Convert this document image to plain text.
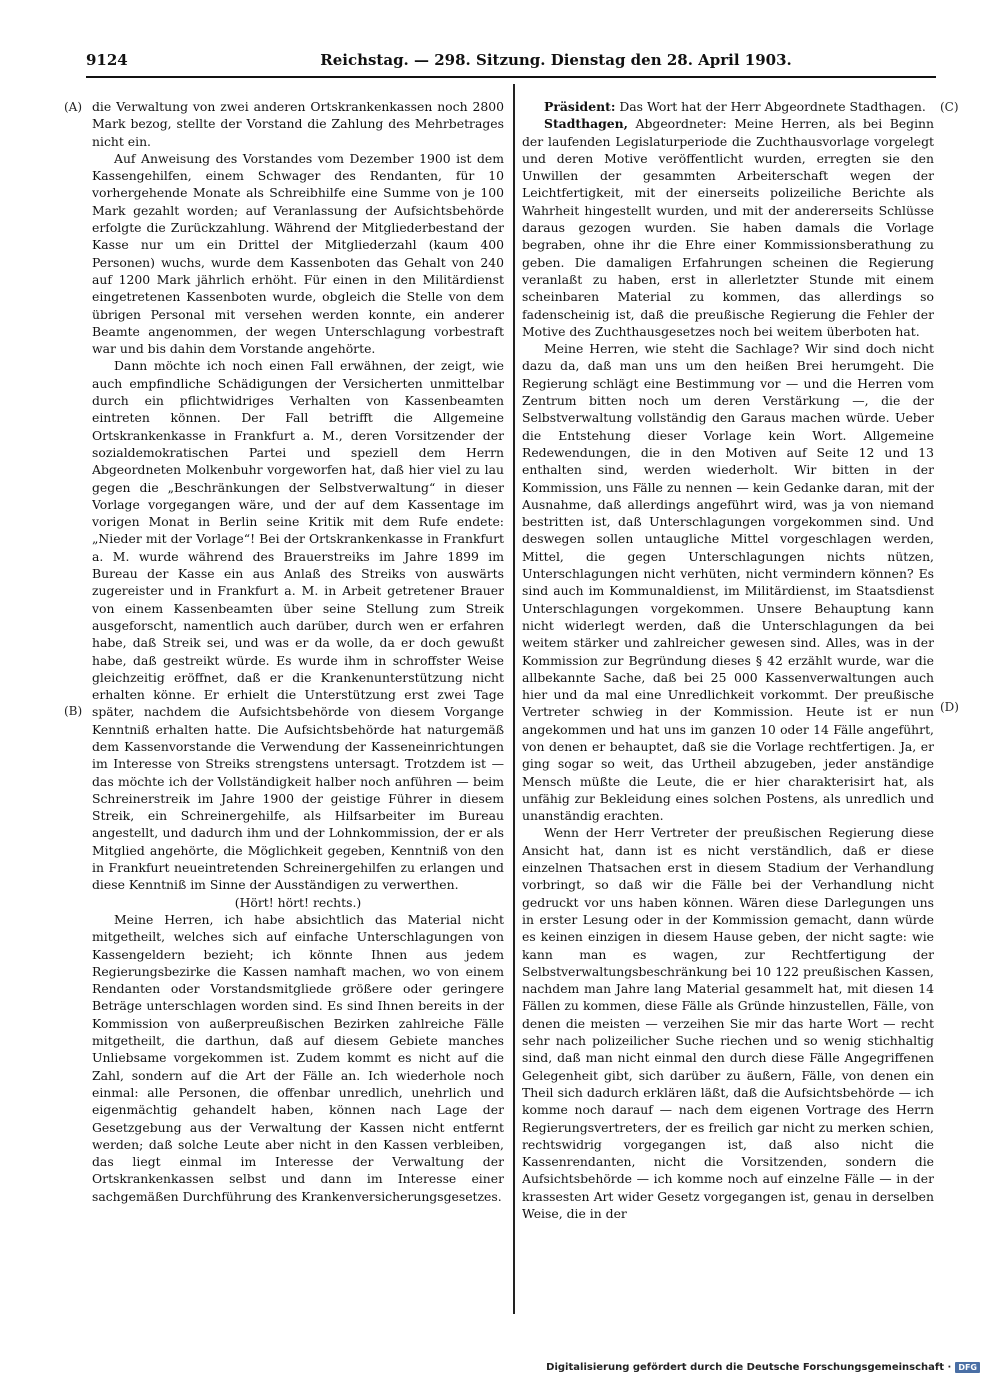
9124	Reichstag. — 298. Sitzung. Dienstag den 28. April 1903.
(A)
(B)
(C)
(D)

die Verwaltung von zwei anderen Ortskrankenkassen noch 2800 Mark bezog, stellte der Vorstand die Zahlung des Mehrbetrages nicht ein.

Auf Anweisung des Vorstandes vom Dezember 1900 ist dem Kassengehilfen, einem Schwager des Rendanten, für 10 vorhergehende Monate als Schreibhilfe eine Summe von je 100 Mark gezahlt worden; auf Veranlassung der Aufsichtsbehörde erfolgte die Zurückzahlung. Während der Mitgliederbestand der Kasse nur um ein Drittel der Mitgliederzahl (kaum 400 Personen) wuchs, wurde dem Kassenboten das Gehalt von 240 auf 1200 Mark jährlich erhöht. Für einen in den Militärdienst eingetretenen Kassenboten wurde, obgleich die Stelle von dem übrigen Personal mit versehen werden konnte, ein anderer Beamte angenommen, der wegen Unterschlagung vorbestraft war und bis dahin dem Vorstande angehörte.

Dann möchte ich noch einen Fall erwähnen, der zeigt, wie auch empfindliche Schädigungen der Versicherten unmittelbar durch ein pflichtwidriges Verhalten von Kassenbeamten eintreten können. Der Fall betrifft die Allgemeine Ortskrankenkasse in Frankfurt a. M., deren Vorsitzender der sozialdemokratischen Partei und speziell dem Herrn Abgeordneten Molkenbuhr vorgeworfen hat, daß hier viel zu lau gegen die „Beschränkungen der Selbstverwaltung“ in dieser Vorlage vorgegangen wäre, und der auf dem Kassentage im vorigen Monat in Berlin seine Kritik mit dem Rufe endete: „Nieder mit der Vorlage“! Bei der Ortskrankenkasse in Frankfurt a. M. wurde während des Brauerstreiks im Jahre 1899 im Bureau der Kasse ein aus Anlaß des Streiks von auswärts zugereister und in Frankfurt a. M. in Arbeit getretener Brauer von einem Kassenbeamten über seine Stellung zum Streik ausgeforscht, namentlich auch darüber, durch wen er erfahren habe, daß Streik sei, und was er da wolle, da er doch gewußt habe, daß gestreikt würde. Es wurde ihm in schroffster Weise gleichzeitig eröffnet, daß er die Krankenunterstützung nicht erhalten könne. Er erhielt die Unterstützung erst zwei Tage später, nachdem die Aufsichtsbehörde von diesem Vorgange Kenntniß erhalten hatte. Die Aufsichtsbehörde hat naturgemäß dem Kassenvorstande die Verwendung der Kasseneinrichtungen im Interesse von Streiks strengstens untersagt. Trotzdem ist — das möchte ich der Vollständigkeit halber noch anführen — beim Schreinerstreik im Jahre 1900 der geistige Führer in diesem Streik, ein Schreinergehilfe, als Hilfsarbeiter im Bureau angestellt, und dadurch ihm und der Lohnkommission, der er als Mitglied angehörte, die Möglichkeit gegeben, Kenntniß von den in Frankfurt neueintretenden Schreinergehilfen zu erlangen und diese Kenntniß im Sinne der Ausständigen zu verwerthen.

(Hört! hört! rechts.)

Meine Herren, ich habe absichtlich das Material nicht mitgetheilt, welches sich auf einfache Unterschlagungen von Kassengeldern bezieht; ich könnte Ihnen aus jedem Regierungsbezirke die Kassen namhaft machen, wo von einem Rendanten oder Vorstandsmitgliede größere oder geringere Beträge unterschlagen worden sind. Es sind Ihnen bereits in der Kommission von außerpreußischen Bezirken zahlreiche Fälle mitgetheilt, die darthun, daß auf diesem Gebiete manches Unliebsame vorgekommen ist. Zudem kommt es nicht auf die Zahl, sondern auf die Art der Fälle an. Ich wiederhole noch einmal: alle Personen, die offenbar unredlich, unehrlich und eigenmächtig gehandelt haben, können nach Lage der Gesetzgebung aus der Verwaltung der Kassen nicht entfernt werden; daß solche Leute aber nicht in den Kassen verbleiben, das liegt einmal im Interesse der Verwaltung der Ortskrankenkassen selbst und dann im Interesse einer sachgemäßen Durchführung des Krankenversicherungsgesetzes.

Präsident: Das Wort hat der Herr Abgeordnete Stadthagen.

Stadthagen, Abgeordneter: Meine Herren, als bei Beginn der laufenden Legislaturperiode die Zuchthausvorlage vorgelegt und deren Motive veröffentlicht wurden, erregten sie den Unwillen der gesammten Arbeiterschaft wegen der Leichtfertigkeit, mit der einerseits polizeiliche Berichte als Wahrheit hingestellt wurden, und mit der andererseits Schlüsse daraus gezogen wurden. Sie haben damals die Vorlage begraben, ohne ihr die Ehre einer Kommissionsberathung zu geben. Die damaligen Erfahrungen scheinen die Regierung veranlaßt zu haben, erst in allerletzter Stunde mit einem scheinbaren Material zu kommen, das allerdings so fadenscheinig ist, daß die preußische Regierung die Fehler der Motive des Zuchthausgesetzes noch bei weitem überboten hat.

Meine Herren, wie steht die Sachlage? Wir sind doch nicht dazu da, daß man uns um den heißen Brei herumgeht. Die Regierung schlägt eine Bestimmung vor — und die Herren vom Zentrum bitten noch um deren Verstärkung —, die der Selbstverwaltung vollständig den Garaus machen würde. Ueber die Entstehung dieser Vorlage kein Wort. Allgemeine Redewendungen, die in den Motiven auf Seite 12 und 13 enthalten sind, werden wiederholt. Wir bitten in der Kommission, uns Fälle zu nennen — kein Gedanke daran, mit der Ausnahme, daß allerdings angeführt wird, was ja von niemand bestritten ist, daß Unterschlagungen vorgekommen sind. Und deswegen sollen untaugliche Mittel vorgeschlagen werden, Mittel, die gegen Unterschlagungen nichts nützen, Unterschlagungen nicht verhüten, nicht vermindern können? Es sind auch im Kommunaldienst, im Militärdienst, im Staatsdienst Unterschlagungen vorgekommen. Unsere Behauptung kann nicht widerlegt werden, daß die Unterschlagungen da bei weitem stärker und zahlreicher gewesen sind. Alles, was in der Kommission zur Begründung dieses § 42 erzählt wurde, war die allbekannte Sache, daß bei 25 000 Kassenverwaltungen auch hier und da mal eine Unredlichkeit vorkommt. Der preußische Vertreter schwieg in der Kommission. Heute ist er nun angekommen und hat uns im ganzen 10 oder 14 Fälle angeführt, von denen er behauptet, daß sie die Vorlage rechtfertigen. Ja, er ging sogar so weit, das Urtheil abzugeben, jeder anständige Mensch müßte die Leute, die er hier charakterisirt hat, als unfähig zur Bekleidung eines solchen Postens, als unredlich und unanständig erachten.

Wenn der Herr Vertreter der preußischen Regierung diese Ansicht hat, dann ist es nicht verständlich, daß er diese einzelnen Thatsachen erst in diesem Stadium der Verhandlung vorbringt, so daß wir die Fälle bei der Verhandlung nicht gedruckt vor uns haben können. Wären diese Darlegungen uns in erster Lesung oder in der Kommission gemacht, dann würde es keinen einzigen in diesem Hause geben, der nicht sagte: wie kann man es wagen, zur Rechtfertigung der Selbstverwaltungsbeschränkung bei 10 122 preußischen Kassen, nachdem man Jahre lang Material gesammelt hat, mit diesen 14 Fällen zu kommen, diese Fälle als Gründe hinzustellen, Fälle, von denen die meisten — verzeihen Sie mir das harte Wort — recht sehr nach polizeilicher Suche riechen und so wenig stichhaltig sind, daß man nicht einmal den durch diese Fälle Angegriffenen Gelegenheit gibt, sich darüber zu äußern, Fälle, von denen ein Theil sich dadurch erklären läßt, daß die Aufsichtsbehörde — ich komme noch darauf — nach dem eigenen Vortrage des Herrn Regierungsvertreters, der es freilich gar nicht zu merken schien, rechtswidrig vorgegangen ist, daß also nicht die Kassenrendanten, nicht die Vorsitzenden, sondern die Aufsichtsbehörde — ich komme noch auf einzelne Fälle — in der krassesten Art wider Gesetz vorgegangen ist, genau in derselben Weise, die in der

Digitalisierung gefördert durch die Deutsche Forschungsgemeinschaft · DFG
